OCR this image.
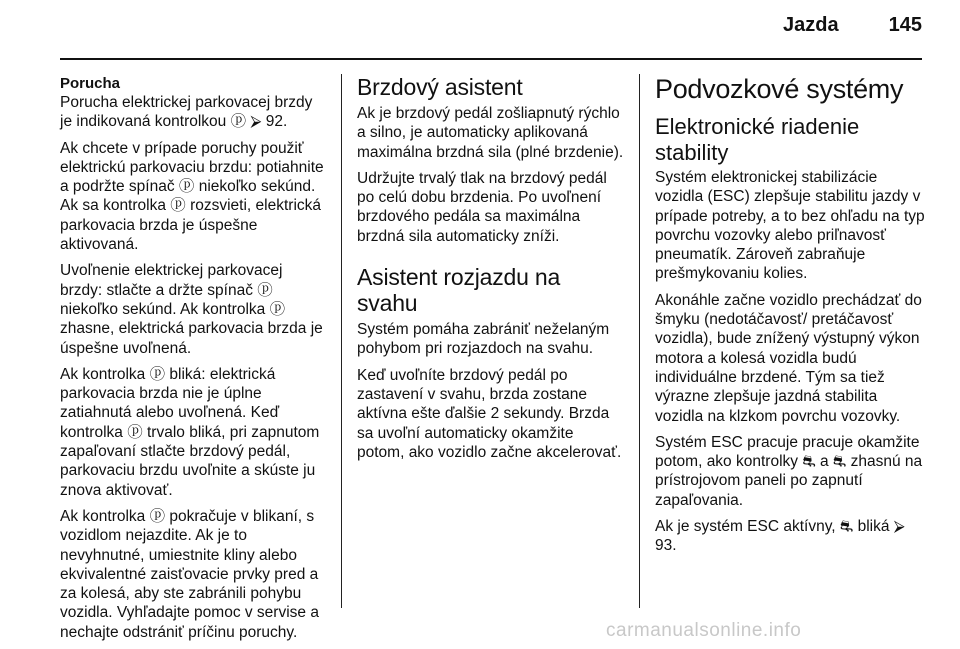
Jazda	145
Porucha

Porucha elektrickej parkovacej brzdy je indikovaná kontrolkou ⓟ ⮚ 92.

Ak chcete v prípade poruchy použiť elektrickú parkovaciu brzdu: potiahnite a podržte spínač ⓟ niekoľko sekúnd. Ak sa kontrolka ⓟ rozsvieti, elektrická parkovacia brzda je úspešne aktivovaná.

Uvoľnenie elektrickej parkovacej brzdy: stlačte a držte spínač ⓟ niekoľko sekúnd. Ak kontrolka ⓟ zhasne, elektrická parkovacia brzda je úspešne uvoľnená.

Ak kontrolka ⓟ bliká: elektrická parkovacia brzda nie je úplne zatiahnutá alebo uvoľnená. Keď kontrolka ⓟ trvalo bliká, pri zapnutom zapaľovaní stlačte brzdový pedál, parkovaciu brzdu uvoľnite a skúste ju znova aktivovať.

Ak kontrolka ⓟ pokračuje v blikaní, s vozidlom nejazdite. Ak je to nevyhnutné, umiestnite kliny alebo ekvivalentné zaisťovacie prvky pred a za kolesá, aby ste zabránili pohybu vozidla. Vyhľadajte pomoc v servise a nechajte odstrániť príčinu poruchy.

Brzdový asistent

Ak je brzdový pedál zošliapnutý rýchlo a silno, je automaticky aplikovaná maximálna brzdná sila (plné brzdenie).

Udržujte trvalý tlak na brzdový pedál po celú dobu brzdenia. Po uvoľnení brzdového pedála sa maximálna brzdná sila automaticky zníži.

Asistent rozjazdu na svahu

Systém pomáha zabrániť neželaným pohybom pri rozjazdoch na svahu.

Keď uvoľníte brzdový pedál po zastavení v svahu, brzda zostane aktívna ešte ďalšie 2 sekundy. Brzda sa uvoľní automaticky okamžite potom, ako vozidlo začne akcelerovať.

Podvozkové systémy
Elektronické riadenie stability

Systém elektronickej stabilizácie vozidla (ESC) zlepšuje stabilitu jazdy v prípade potreby, a to bez ohľadu na typ povrchu vozovky alebo priľnavosť pneumatík. Zároveň zabraňuje prešmykovaniu kolies.

Akonáhle začne vozidlo prechádzať do šmyku (nedotáčavosť/ pretáčavosť vozidla), bude znížený výstupný výkon motora a kolesá vozidla budú individuálne brzdené. Tým sa tiež výrazne zlepšuje jazdná stabilita vozidla na klzkom povrchu vozovky.

Systém ESC pracuje pracuje okamžite potom, ako kontrolky ⛐ a ⛐ zhasnú na prístrojovom paneli po zapnutí zapaľovania.

Ak je systém ESC aktívny, ⛐ bliká ⮚ 93.

carmanualsonline.info
